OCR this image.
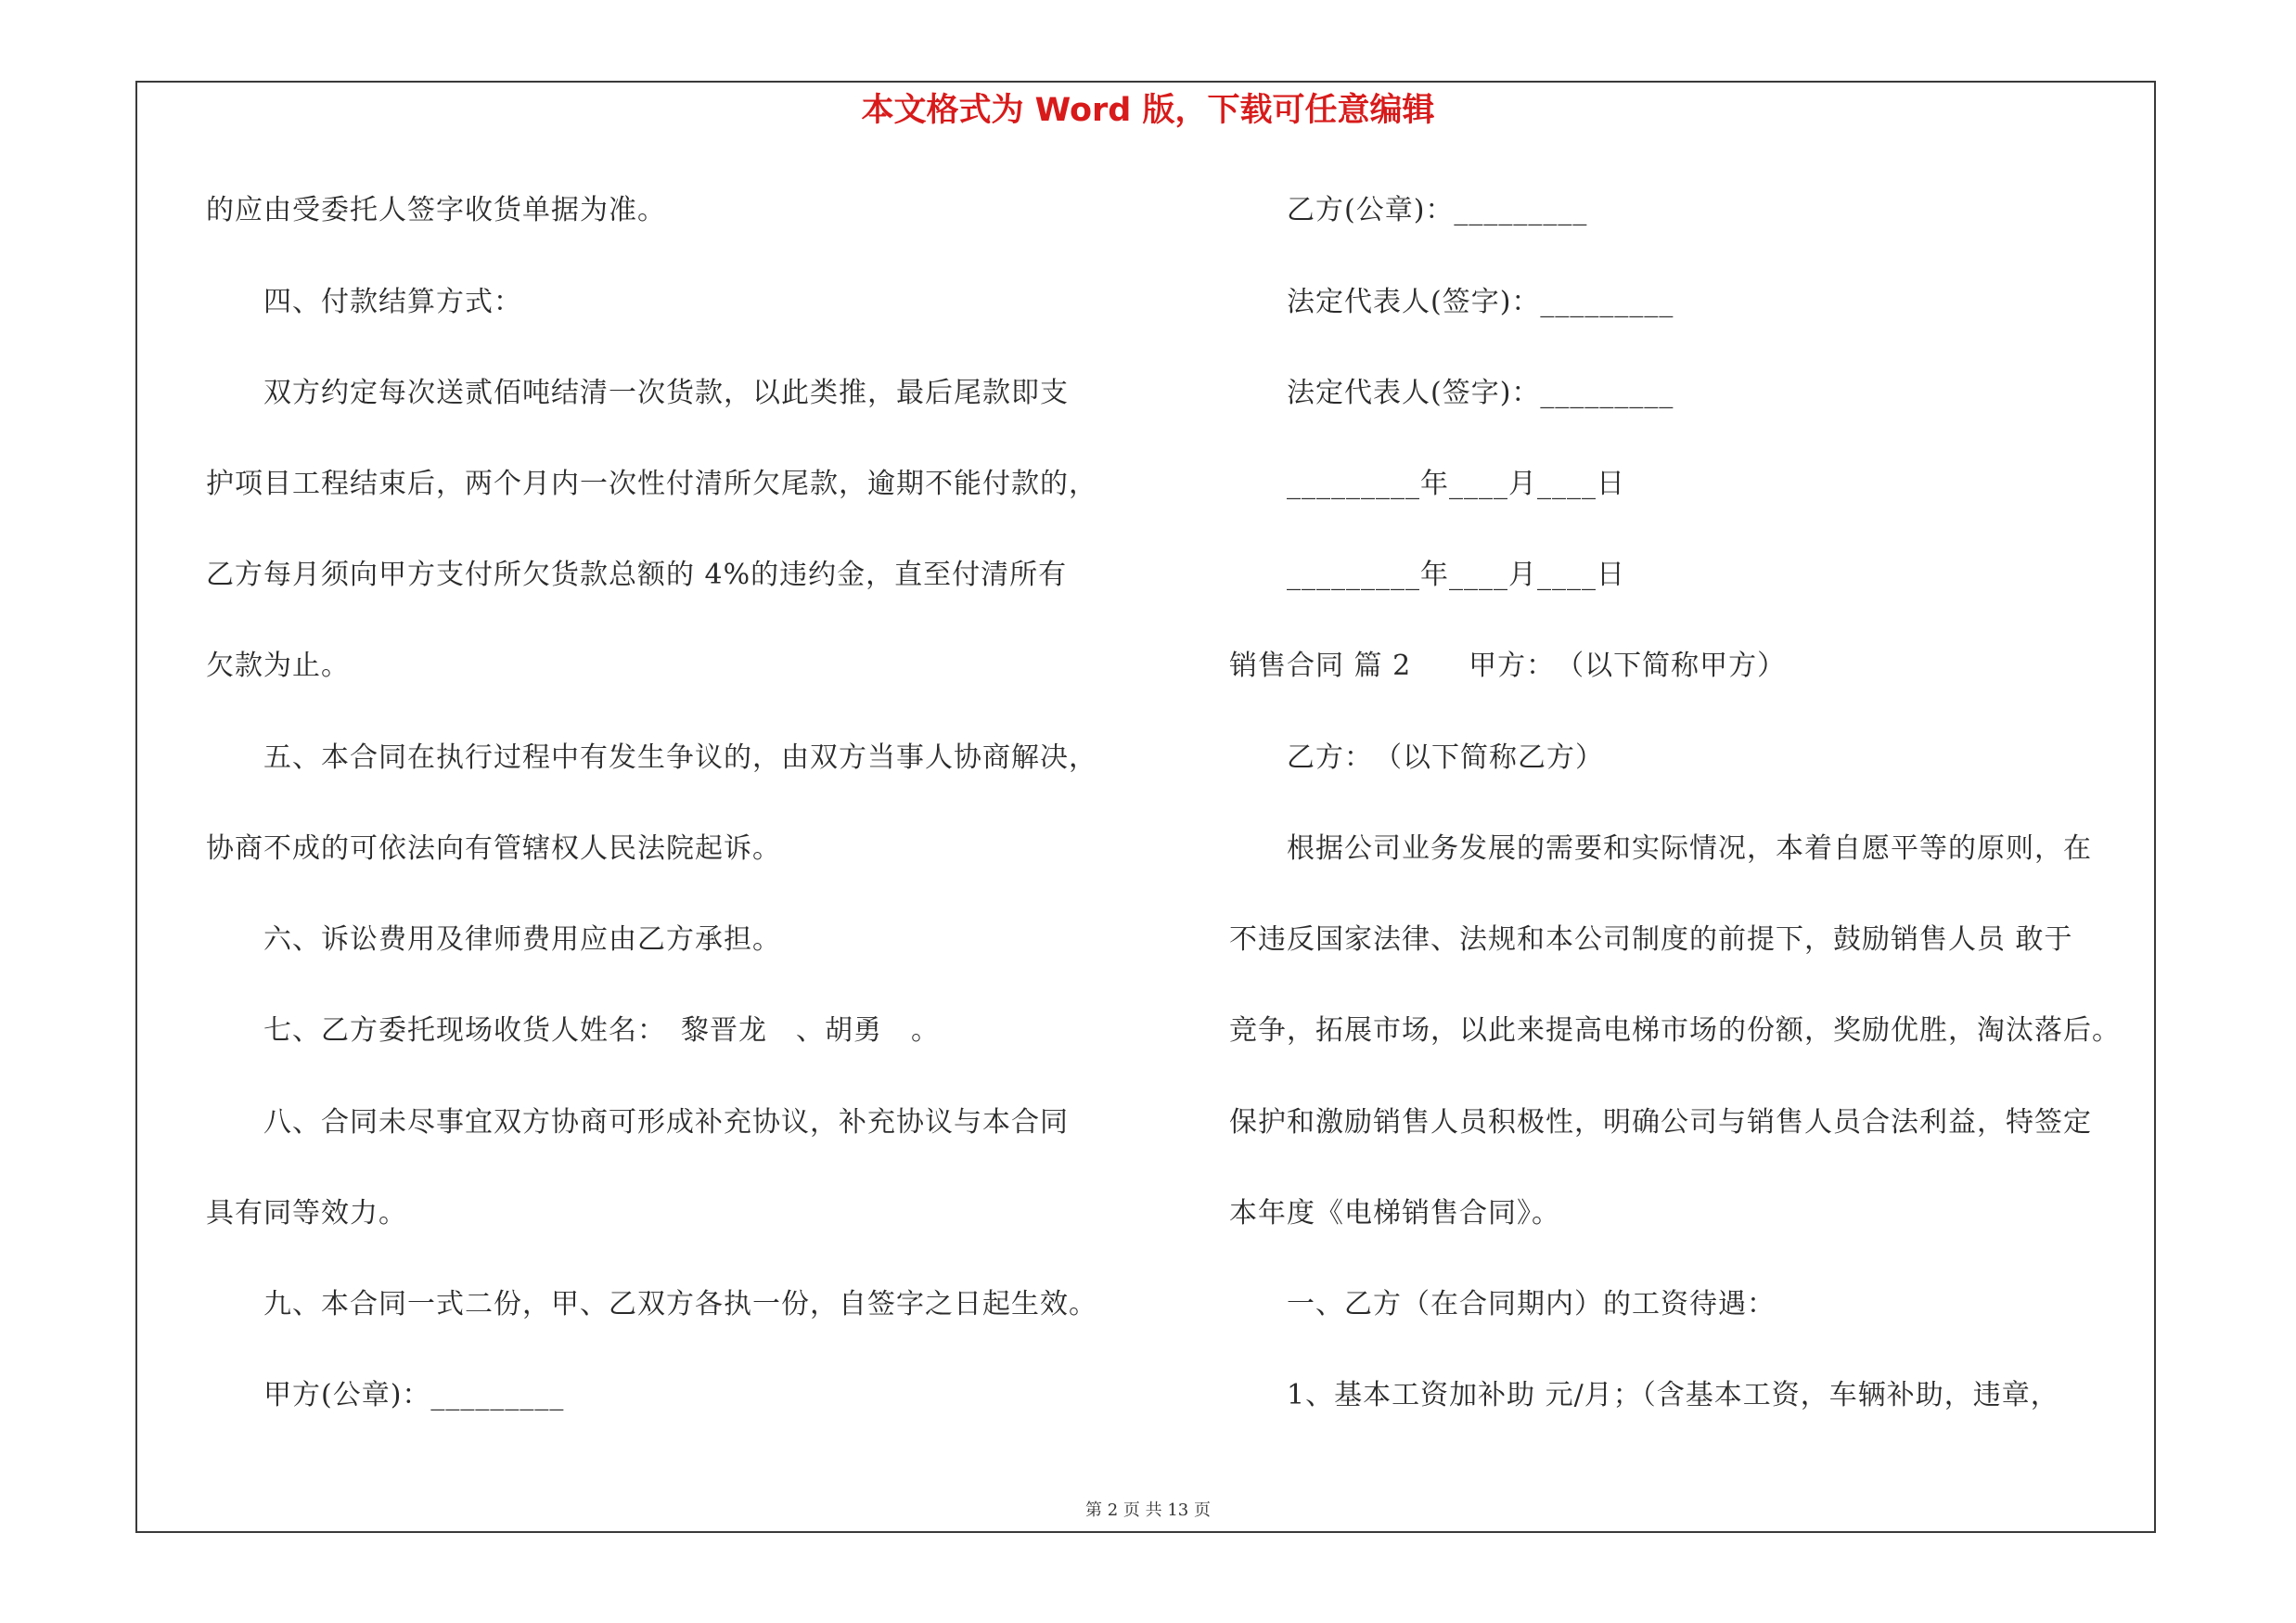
本文格式为 Word 版，下载可任意编辑
的应由受委托人签字收货单据为准。
　　四、付款结算方式：
　　双方约定每次送贰佰吨结清一次货款，以此类推，最后尾款即支
护项目工程结束后，两个月内一次性付清所欠尾款，逾期不能付款的，
乙方每月须向甲方支付所欠货款总额的 4%的违约金，直至付清所有
欠款为止。
　　五、本合同在执行过程中有发生争议的，由双方当事人协商解决，
协商不成的可依法向有管辖权人民法院起诉。
　　六、诉讼费用及律师费用应由乙方承担。
　　七、乙方委托现场收货人姓名：　黎晋龙　、胡勇　。
　　八、合同未尽事宜双方协商可形成补充协议，补充协议与本合同
具有同等效力。
　　九、本合同一式二份，甲、乙双方各执一份，自签字之日起生效。
　　甲方(公章)：_________
　　乙方(公章)：_________
　　法定代表人(签字)：_________
　　法定代表人(签字)：_________
　　_________年____月____日
　　_________年____月____日
销售合同 篇 2　　甲方：　（以下简称甲方）
　　乙方：　（以下简称乙方）
　　根据公司业务发展的需要和实际情况，本着自愿平等的原则，在
不违反国家法律、法规和本公司制度的前提下，鼓励销售人员 敢于
竞争，拓展市场，以此来提高电梯市场的份额，奖励优胜，淘汰落后。
保护和激励销售人员积极性，明确公司与销售人员合法利益，特签定
本年度《电梯销售合同》。
　　一、乙方（在合同期内）的工资待遇：
　　1、基本工资加补助 元/月；（含基本工资，车辆补助，违章，
第 2 页 共 13 页
